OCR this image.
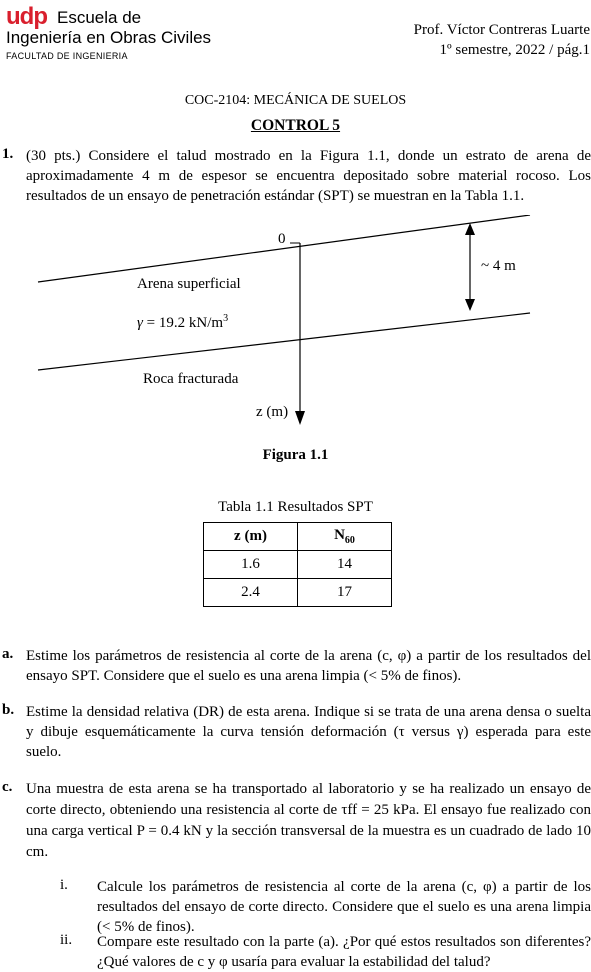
udp Escuela de
Ingeniería en Obras Civiles
FACULTAD DE INGENIERIA
Prof. Víctor Contreras Luarte
1º semestre, 2022 / pág.1
COC-2104: MECÁNICA DE SUELOS
CONTROL 5
1. (30 pts.) Considere el talud mostrado en la Figura 1.1, donde un estrato de arena de aproximadamente 4 m de espesor se encuentra depositado sobre material rocoso. Los resultados de un ensayo de penetración estándar (SPT) se muestran en la Tabla 1.1.
0
~ 4 m
Arena superficial
γ = 19.2 $kN/m^3$
Roca fracturada
z (m)
Figura 1.1
Tabla 1.1 Resultados SPT
z (m)	$N_{60}$
1.6	14
2.4	17
a. Estime los parámetros de resistencia al corte de la arena (c, φ) a partir de los resultados del ensayo SPT. Considere que el suelo es una arena limpia (< 5% de finos).
b. Estime la densidad relativa (DR) de esta arena. Indique si se trata de una arena densa o suelta y dibuje esquemáticamente la curva tensión deformación (τ versus γ) esperada para este suelo.
c. Una muestra de esta arena se ha transportado al laboratorio y se ha realizado un ensayo de corte directo, obteniendo una resistencia al corte de τff = 25 kPa. El ensayo fue realizado con una carga vertical P = 0.4 kN y la sección transversal de la muestra es un cuadrado de lado 10 cm.
i. Calcule los parámetros de resistencia al corte de la arena (c, φ) a partir de los resultados del ensayo de corte directo. Considere que el suelo es una arena limpia (< 5% de finos).
ii. Compare este resultado con la parte (a). ¿Por qué estos resultados son diferentes? ¿Qué valores de c y φ usaría para evaluar la estabilidad del talud?
